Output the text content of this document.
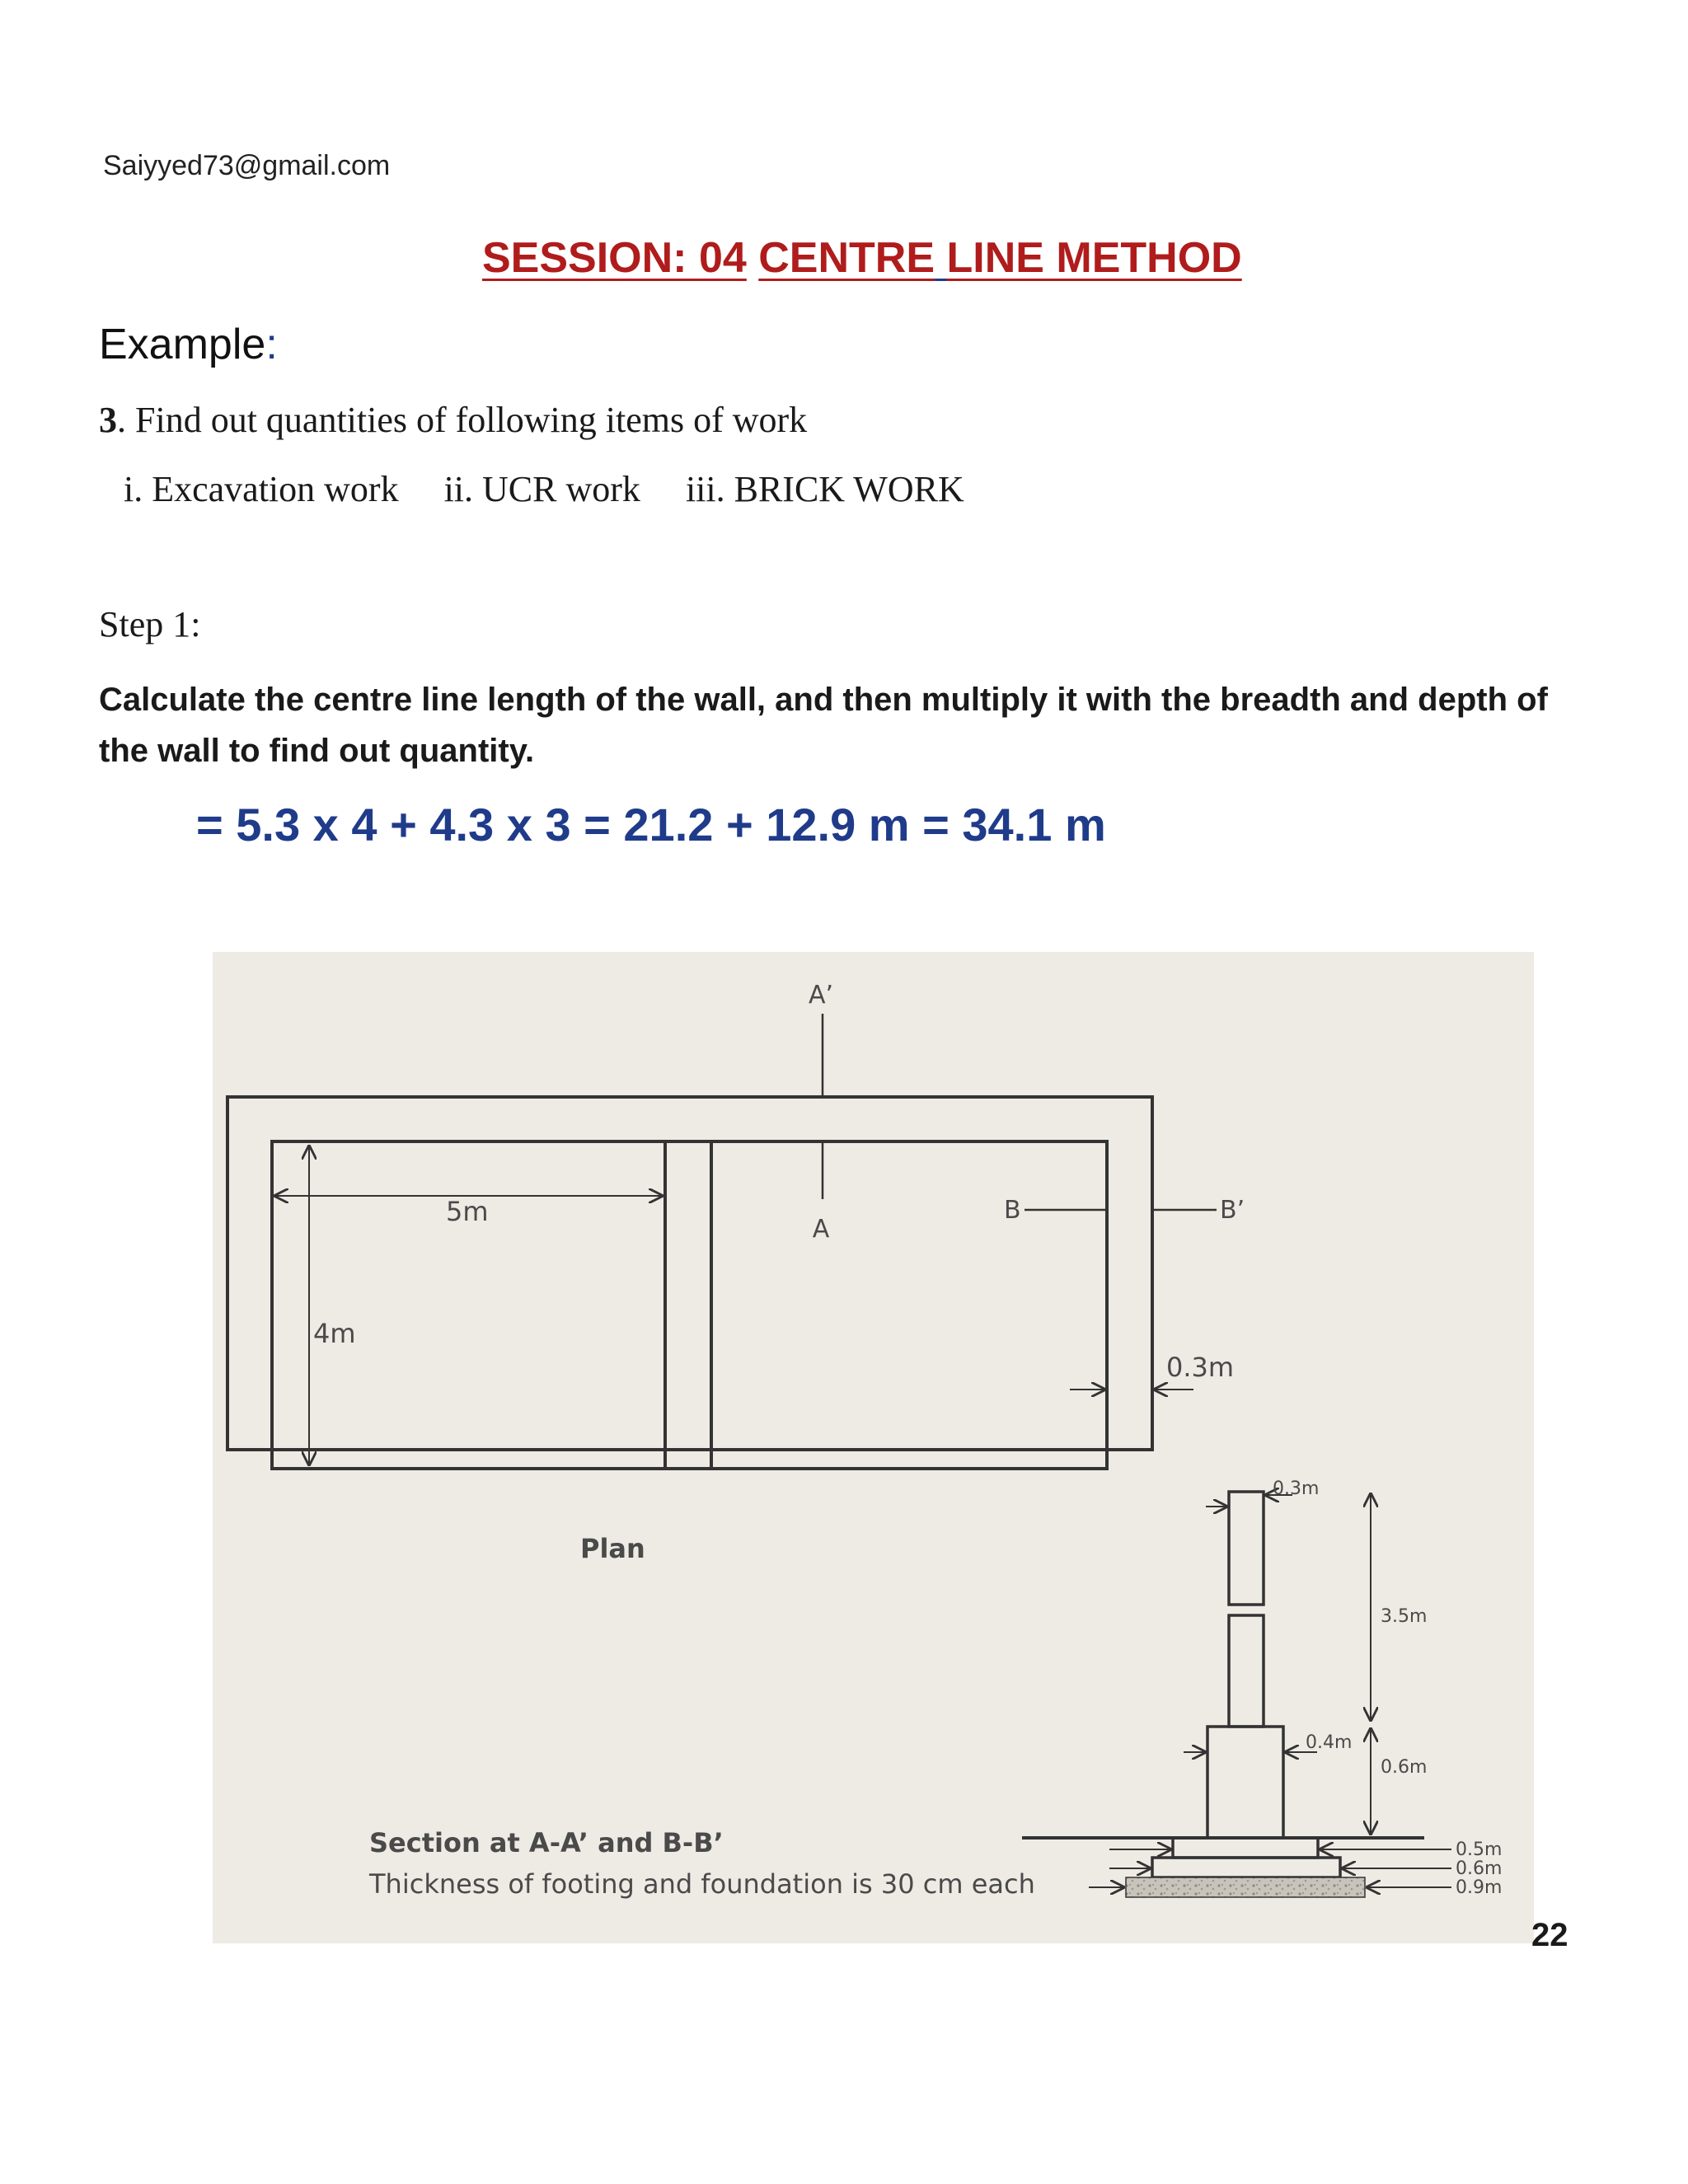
Saiyyed73@gmail.com
SESSION: 04 CENTRE LINE METHOD
Example:
3. Find out quantities of following items of work
i. Excavation work ii. UCR work iii. BRICK WORK
Step 1:
Calculate the centre line length of the wall, and then multiply it with the breadth and depth of the wall to find out quantity.
= 5.3 x 4 + 4.3 x 3 = 21.2 + 12.9 m = 34.1 m
A’
A
B	B’
5m
4m
0.3m
Plan
0.3m
3.5m
0.4m
0.6m
0.5m
0.6m
0.9m
Section at A-A’ and B-B’
Thickness of footing and foundation is 30 cm each
22
